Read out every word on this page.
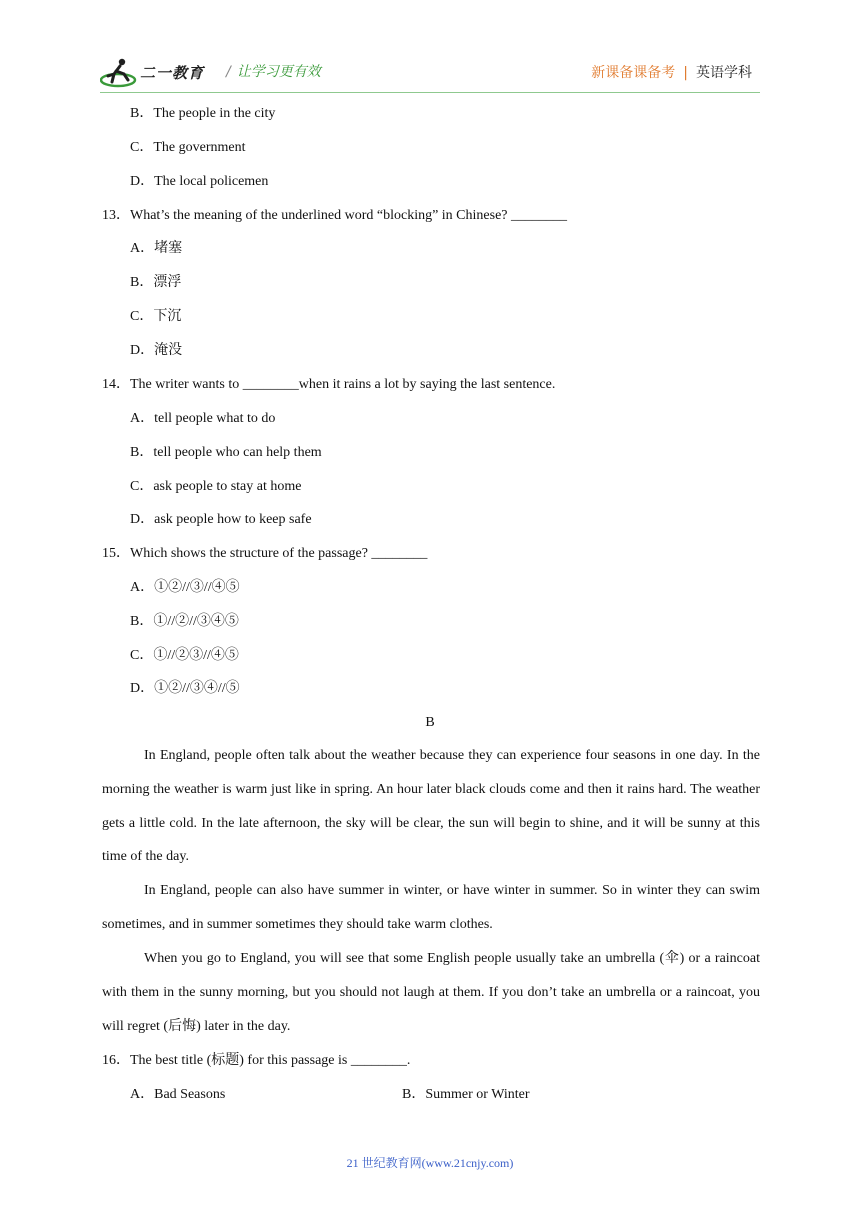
二一教育 / 让学习更有效	新课备课备考 | 英语学科
B．The people in the city
C．The government
D．The local policemen
13．What’s the meaning of the underlined word “blocking” in Chinese? ________
A．堵塞
B．漂浮
C．下沉
D．淹没
14．The writer wants to ________when it rains a lot by saying the last sentence.
A．tell people what to do
B．tell people who can help them
C．ask people to stay at home
D．ask people how to keep safe
15．Which shows the structure of the passage? ________
A．①②//③//④⑤
B．①//②//③④⑤
C．①//②③//④⑤
D．①②//③④//⑤
B

In England, people often talk about the weather because they can experience four seasons in one day. In the morning the weather is warm just like in spring. An hour later black clouds come and then it rains hard. The weather gets a little cold. In the late afternoon, the sky will be clear, the sun will begin to shine, and it will be sunny at this time of the day.

In England, people can also have summer in winter, or have winter in summer. So in winter they can swim sometimes, and in summer sometimes they should take warm clothes.

When you go to England, you will see that some English people usually take an umbrella (伞) or a raincoat with them in the sunny morning, but you should not laugh at them. If you don’t take an umbrella or a raincoat, you will regret (后悔) later in the day.

16．The best title (标题) for this passage is ________.
A．Bad Seasons	B．Summer or Winter
21 世纪教育网(www.21cnjy.com)
